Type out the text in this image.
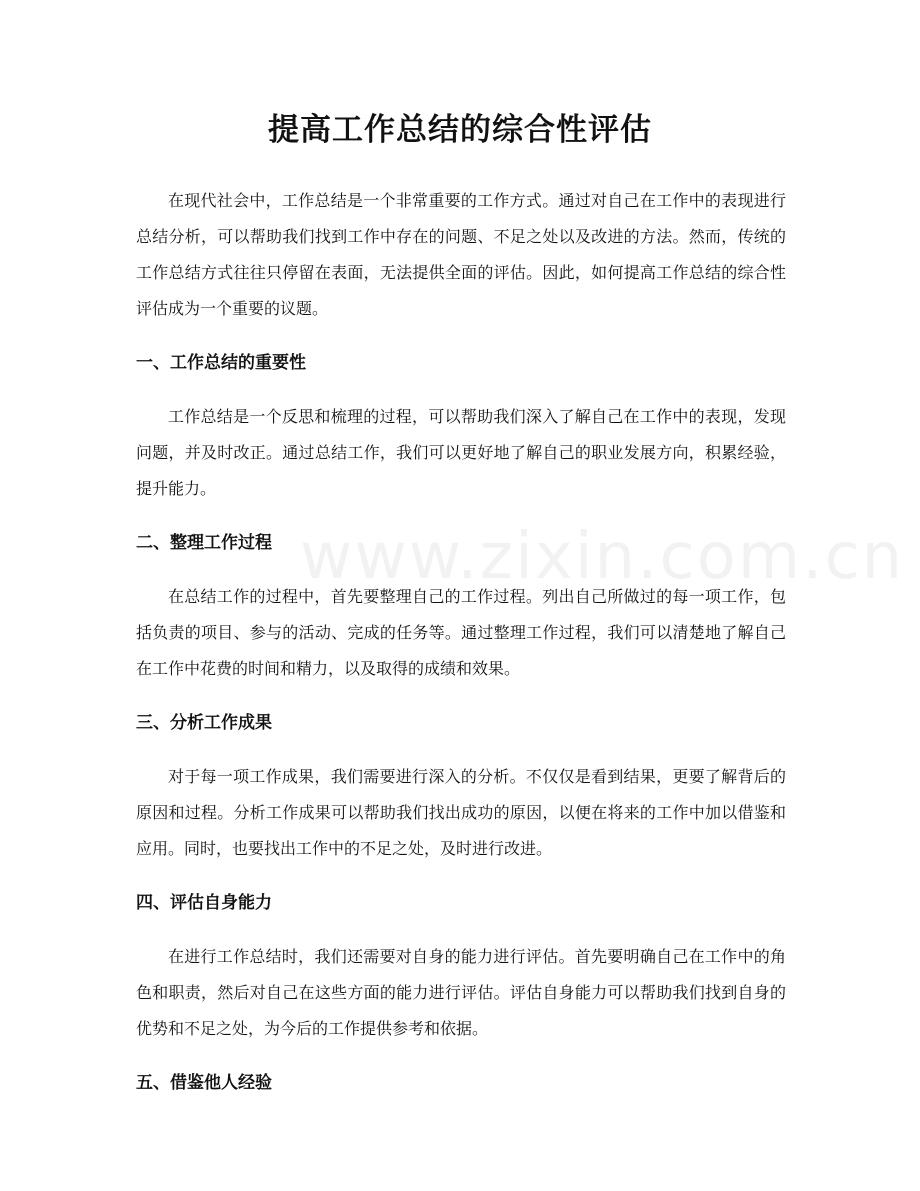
www.zixin.com.cn
提高工作总结的综合性评估

在现代社会中，工作总结是一个非常重要的工作方式。通过对自己在工作中的表现进行总结分析，可以帮助我们找到工作中存在的问题、不足之处以及改进的方法。然而，传统的工作总结方式往往只停留在表面，无法提供全面的评估。因此，如何提高工作总结的综合性评估成为一个重要的议题。

一、工作总结的重要性

工作总结是一个反思和梳理的过程，可以帮助我们深入了解自己在工作中的表现，发现问题，并及时改正。通过总结工作，我们可以更好地了解自己的职业发展方向，积累经验，提升能力。

二、整理工作过程

在总结工作的过程中，首先要整理自己的工作过程。列出自己所做过的每一项工作，包括负责的项目、参与的活动、完成的任务等。通过整理工作过程，我们可以清楚地了解自己在工作中花费的时间和精力，以及取得的成绩和效果。

三、分析工作成果

对于每一项工作成果，我们需要进行深入的分析。不仅仅是看到结果，更要了解背后的原因和过程。分析工作成果可以帮助我们找出成功的原因，以便在将来的工作中加以借鉴和应用。同时，也要找出工作中的不足之处，及时进行改进。

四、评估自身能力

在进行工作总结时，我们还需要对自身的能力进行评估。首先要明确自己在工作中的角色和职责，然后对自己在这些方面的能力进行评估。评估自身能力可以帮助我们找到自身的优势和不足之处，为今后的工作提供参考和依据。

五、借鉴他人经验
